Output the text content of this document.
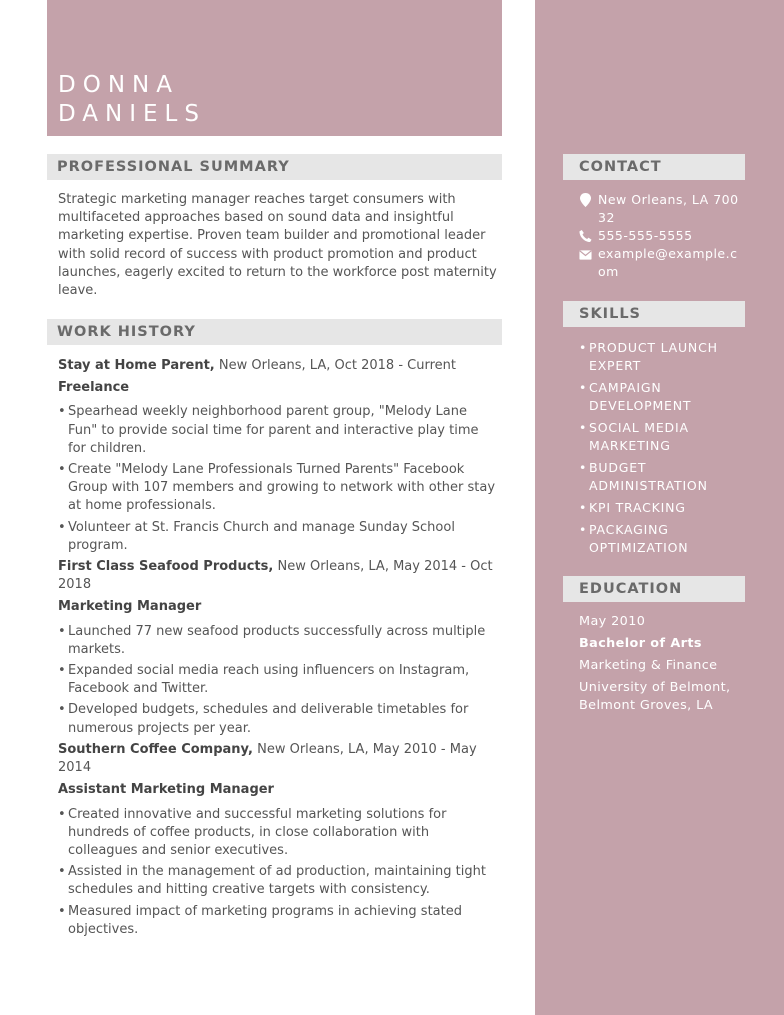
DONNA
DANIELS
PROFESSIONAL SUMMARY

Strategic marketing manager reaches target consumers with multifaceted approaches based on sound data and insightful marketing expertise. Proven team builder and promotional leader with solid record of success with product promotion and product launches, eagerly excited to return to the workforce post maternity leave.

WORK HISTORY

Stay at Home Parent, New Orleans, LA, Oct 2018 - Current

Freelance

• Spearhead weekly neighborhood parent group, "Melody Lane Fun" to provide social time for parent and interactive play time for children.
• Create "Melody Lane Professionals Turned Parents" Facebook Group with 107 members and growing to network with other stay at home professionals.
• Volunteer at St. Francis Church and manage Sunday School program.

First Class Seafood Products, New Orleans, LA, May 2014 - Oct 2018

Marketing Manager

• Launched 77 new seafood products successfully across multiple markets.
• Expanded social media reach using influencers on Instagram, Facebook and Twitter.
• Developed budgets, schedules and deliverable timetables for numerous projects per year.

Southern Coffee Company, New Orleans, LA, May 2010 - May 2014

Assistant Marketing Manager

• Created innovative and successful marketing solutions for hundreds of coffee products, in close collaboration with colleagues and senior executives.
• Assisted in the management of ad production, maintaining tight schedules and hitting creative targets with consistency.
• Measured impact of marketing programs in achieving stated objectives.
CONTACT
New Orleans, LA 70032
555-555-5555
example@example.com
SKILLS
• PRODUCT LAUNCH EXPERT
• CAMPAIGN DEVELOPMENT
• SOCIAL MEDIA MARKETING
• BUDGET ADMINISTRATION
• KPI TRACKING
• PACKAGING OPTIMIZATION
EDUCATION

May 2010

Bachelor of Arts

Marketing & Finance

University of Belmont, Belmont Groves, LA
